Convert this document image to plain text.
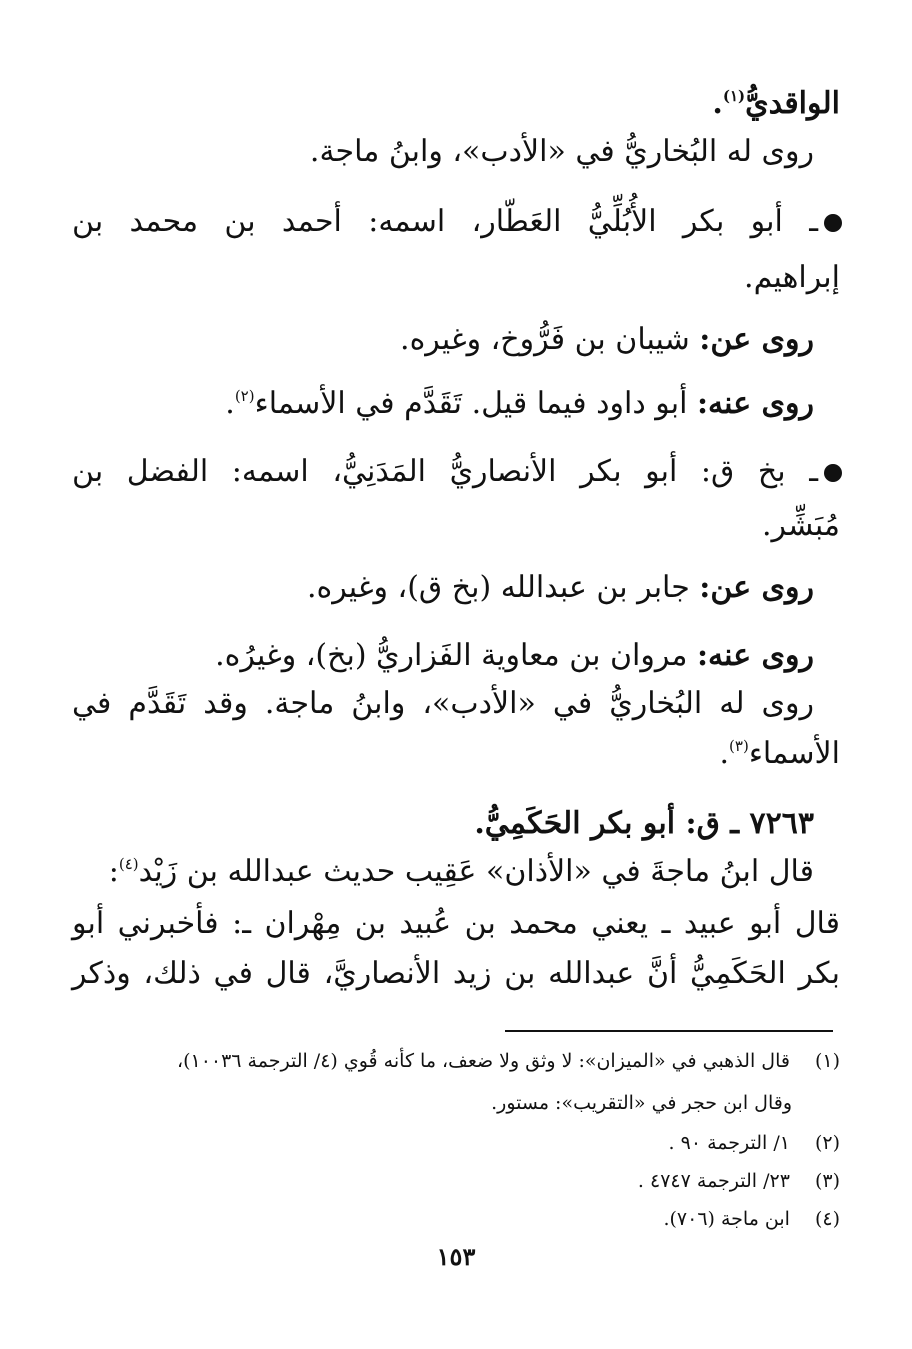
الواقديُّ$^{(١)}$.
روى له البُخاريُّ في «الأدب»، وابنُ ماجة.
ـ أبو بكر الأُبُلِّيُّ العَطّار، اسمه: أحمد بن محمد بن
إبراهيم.
روى عن: شيبان بن فَرُّوخ، وغيره.
روى عنه: أبو داود فيما قيل. تَقَدَّم في الأسماء$^{(٢)}$.
ـ بخ ق: أبو بكر الأنصاريُّ المَدَنِيُّ، اسمه: الفضل بن
مُبَشِّر.
روى عن: جابر بن عبدالله (بخ ق)، وغيره.
روى عنه: مروان بن معاوية الفَزاريُّ (بخ)، وغيرُه.
روى له البُخاريُّ في «الأدب»، وابنُ ماجة. وقد تَقَدَّم في
الأسماء$^{(٣)}$.
٧٢٦٣ ـ ق: أبو بكر الحَكَمِيُّ.
قال ابنُ ماجةَ في «الأذان» عَقِيب حديث عبدالله بن زَيْد$^{(٤)}$:
قال أبو عبيد ـ يعني محمد بن عُبيد بن مِهْران ـ: فأخبرني أبو
بكر الحَكَمِيُّ أنَّ عبدالله بن زيد الأنصاريَّ، قال في ذلك، وذكر
(١) قال الذهبي في «الميزان»: لا وثق ولا ضعف، ما كأنه قُوي (٤/ الترجمة ١٠٠٣٦)،
وقال ابن حجر في «التقريب»: مستور.
(٢) ١/ الترجمة ٩٠ .
(٣) ٢٣/ الترجمة ٤٧٤٧ .
(٤) ابن ماجة (٧٠٦).
١٥٣
